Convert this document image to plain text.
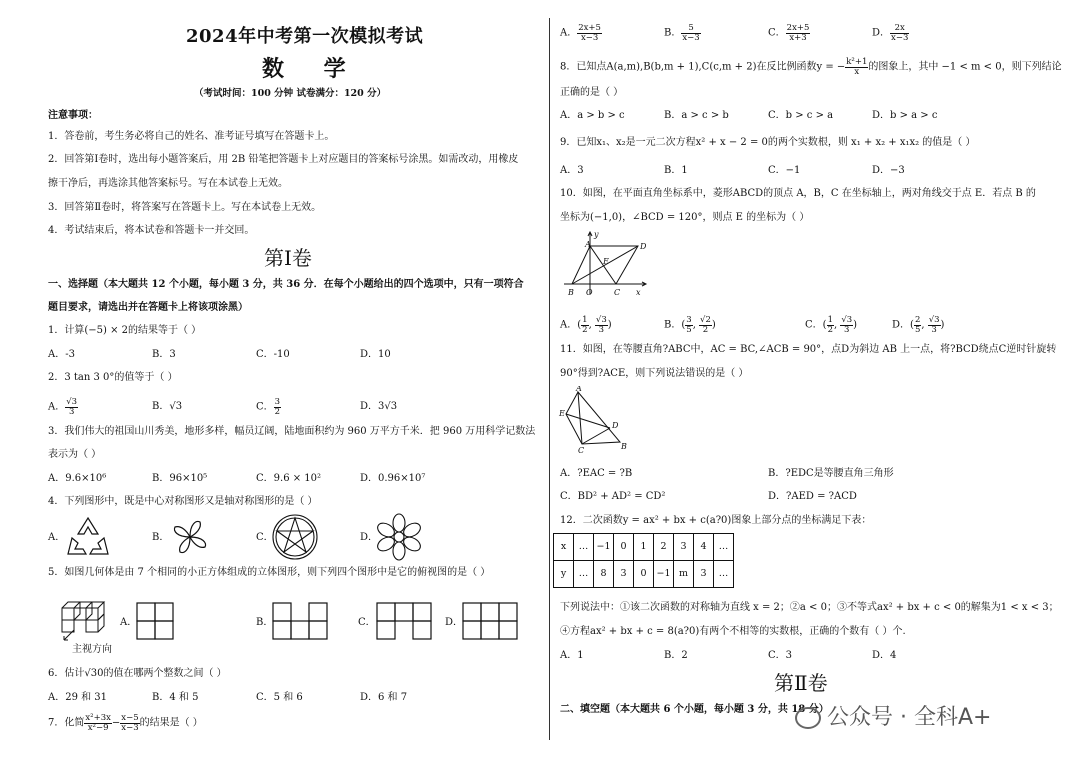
2024年中考第一次模拟考试
数 学
（考试时间：100 分钟 试卷满分：120 分）
注意事项：
1．答卷前，考生务必将自己的姓名、准考证号填写在答题卡上。
2．回答第Ⅰ卷时，选出每小题答案后，用 2B 铅笔把答题卡上对应题目的答案标号涂黑。如需改动，用橡皮
擦干净后，再选涂其他答案标号。写在本试卷上无效。
3．回答第Ⅱ卷时，将答案写在答题卡上。写在本试卷上无效。
4．考试结束后，将本试卷和答题卡一并交回。
第Ⅰ卷
一、选择题（本大题共 12 个小题，每小题 3 分，共 36 分．在每个小题给出的四个选项中，只有一项符合
题目要求，请选出并在答题卡上将该项涂黑）
1．计算(−5) × 2的结果等于（ ）
A．-3	B．3	C．-10	D．10
2．3 tan 3 0°的值等于（ ）
A． $\frac{√3}{3}$	B．√3	C． $\frac{3}{2}$	D．3√3
3．我们伟大的祖国山川秀美，地形多样，幅员辽阔，陆地面积约为 960 万平方千米．把 960 万用科学记数法
表示为（ ）
A．9.6×10⁶	B．96×10⁵	C．9.6 × 10²	D．0.96×10⁷
4．下列图形中，既是中心对称图形又是轴对称图形的是（ ）
A．	B．	C．	D．
5．如图几何体是由 7 个相同的小正方体组成的立体图形，则下列四个图形中是它的俯视图的是（ ）
主视方向
A．	B．	C．	D．
6．估计√30的值在哪两个整数之间（ ）
A．29 和 31	B．4 和 5	C．5 和 6	D．6 和 7
7．化简 $\frac{\text{x²+3x}}{\text{x²−9}} - \frac{x-5}{x-3}$ 的结果是（ ）
A． $\frac{2x+5}{x-3}$	B． $\frac{5}{x-3}$	C． $\frac{2x+5}{x+3}$	D． $\frac{2x}{x-3}$
8．已知点A(a,m),B(b,m + 1),C(c,m + 2)在反比例函数y = − $\frac{\text{k²+1}}{x}$ 的图象上，其中 −1 < m < 0，则下列结论
正确的是（ ）
A．a > b > c	B．a > c > b	C．b > c > a	D．b > a > c
9．已知x₁、x₂是一元二次方程x² + x − 2 = 0的两个实数根，则 x₁ + x₂ + x₁x₂ 的值是（ ）
A．3	B．1	C．−1	D．−3
10．如图，在平面直角坐标系中，菱形ABCD的顶点 A，B，C 在坐标轴上，两对角线交于点 E．若点 B 的
坐标为(−1,0)，∠BCD = 120°，则点 E 的坐标为（ ）
y
A	D
E
B O	C x
A．( $\frac{1}{2}$ , $\frac{√3}{3}$ )	B．( $\frac{3}{5}$ , $\frac{√2}{2}$ )	C．( $\frac{1}{2}$ , $\frac{√3}{3}$ )	D．( $\frac{2}{5}$ , $\frac{√3}{3}$ )
11．如图，在等腰直角?ABC中，AC = BC,∠ACB = 90°，点D为斜边 AB 上一点，将?BCD绕点C逆时针旋转
90°得到?ACE，则下列说法错误的是（ ）
A
E
D
B
C
A．?EAC = ?B	B．?EDC是等腰直角三角形
C．BD² + AD² = CD²	D．?AED = ?ACD
12．二次函数y = ax² + bx + c(a?0)图象上部分点的坐标满足下表：
x	…	−1	0	1	2	3	4	…
y	…	8	3	0	−1	m	3	…
下列说法中：①该二次函数的对称轴为直线 x = 2；②a < 0；③不等式ax² + bx + c < 0的解集为1 < x < 3；
④方程ax² + bx + c = 8(a?0)有两个不相等的实数根，正确的个数有（ ）个.
A．1	B．2	C．3	D．4
第Ⅱ卷
二、填空题（本大题共 6 个小题，每小题 3 分，共 18 分）
公众号 · 全科A+
